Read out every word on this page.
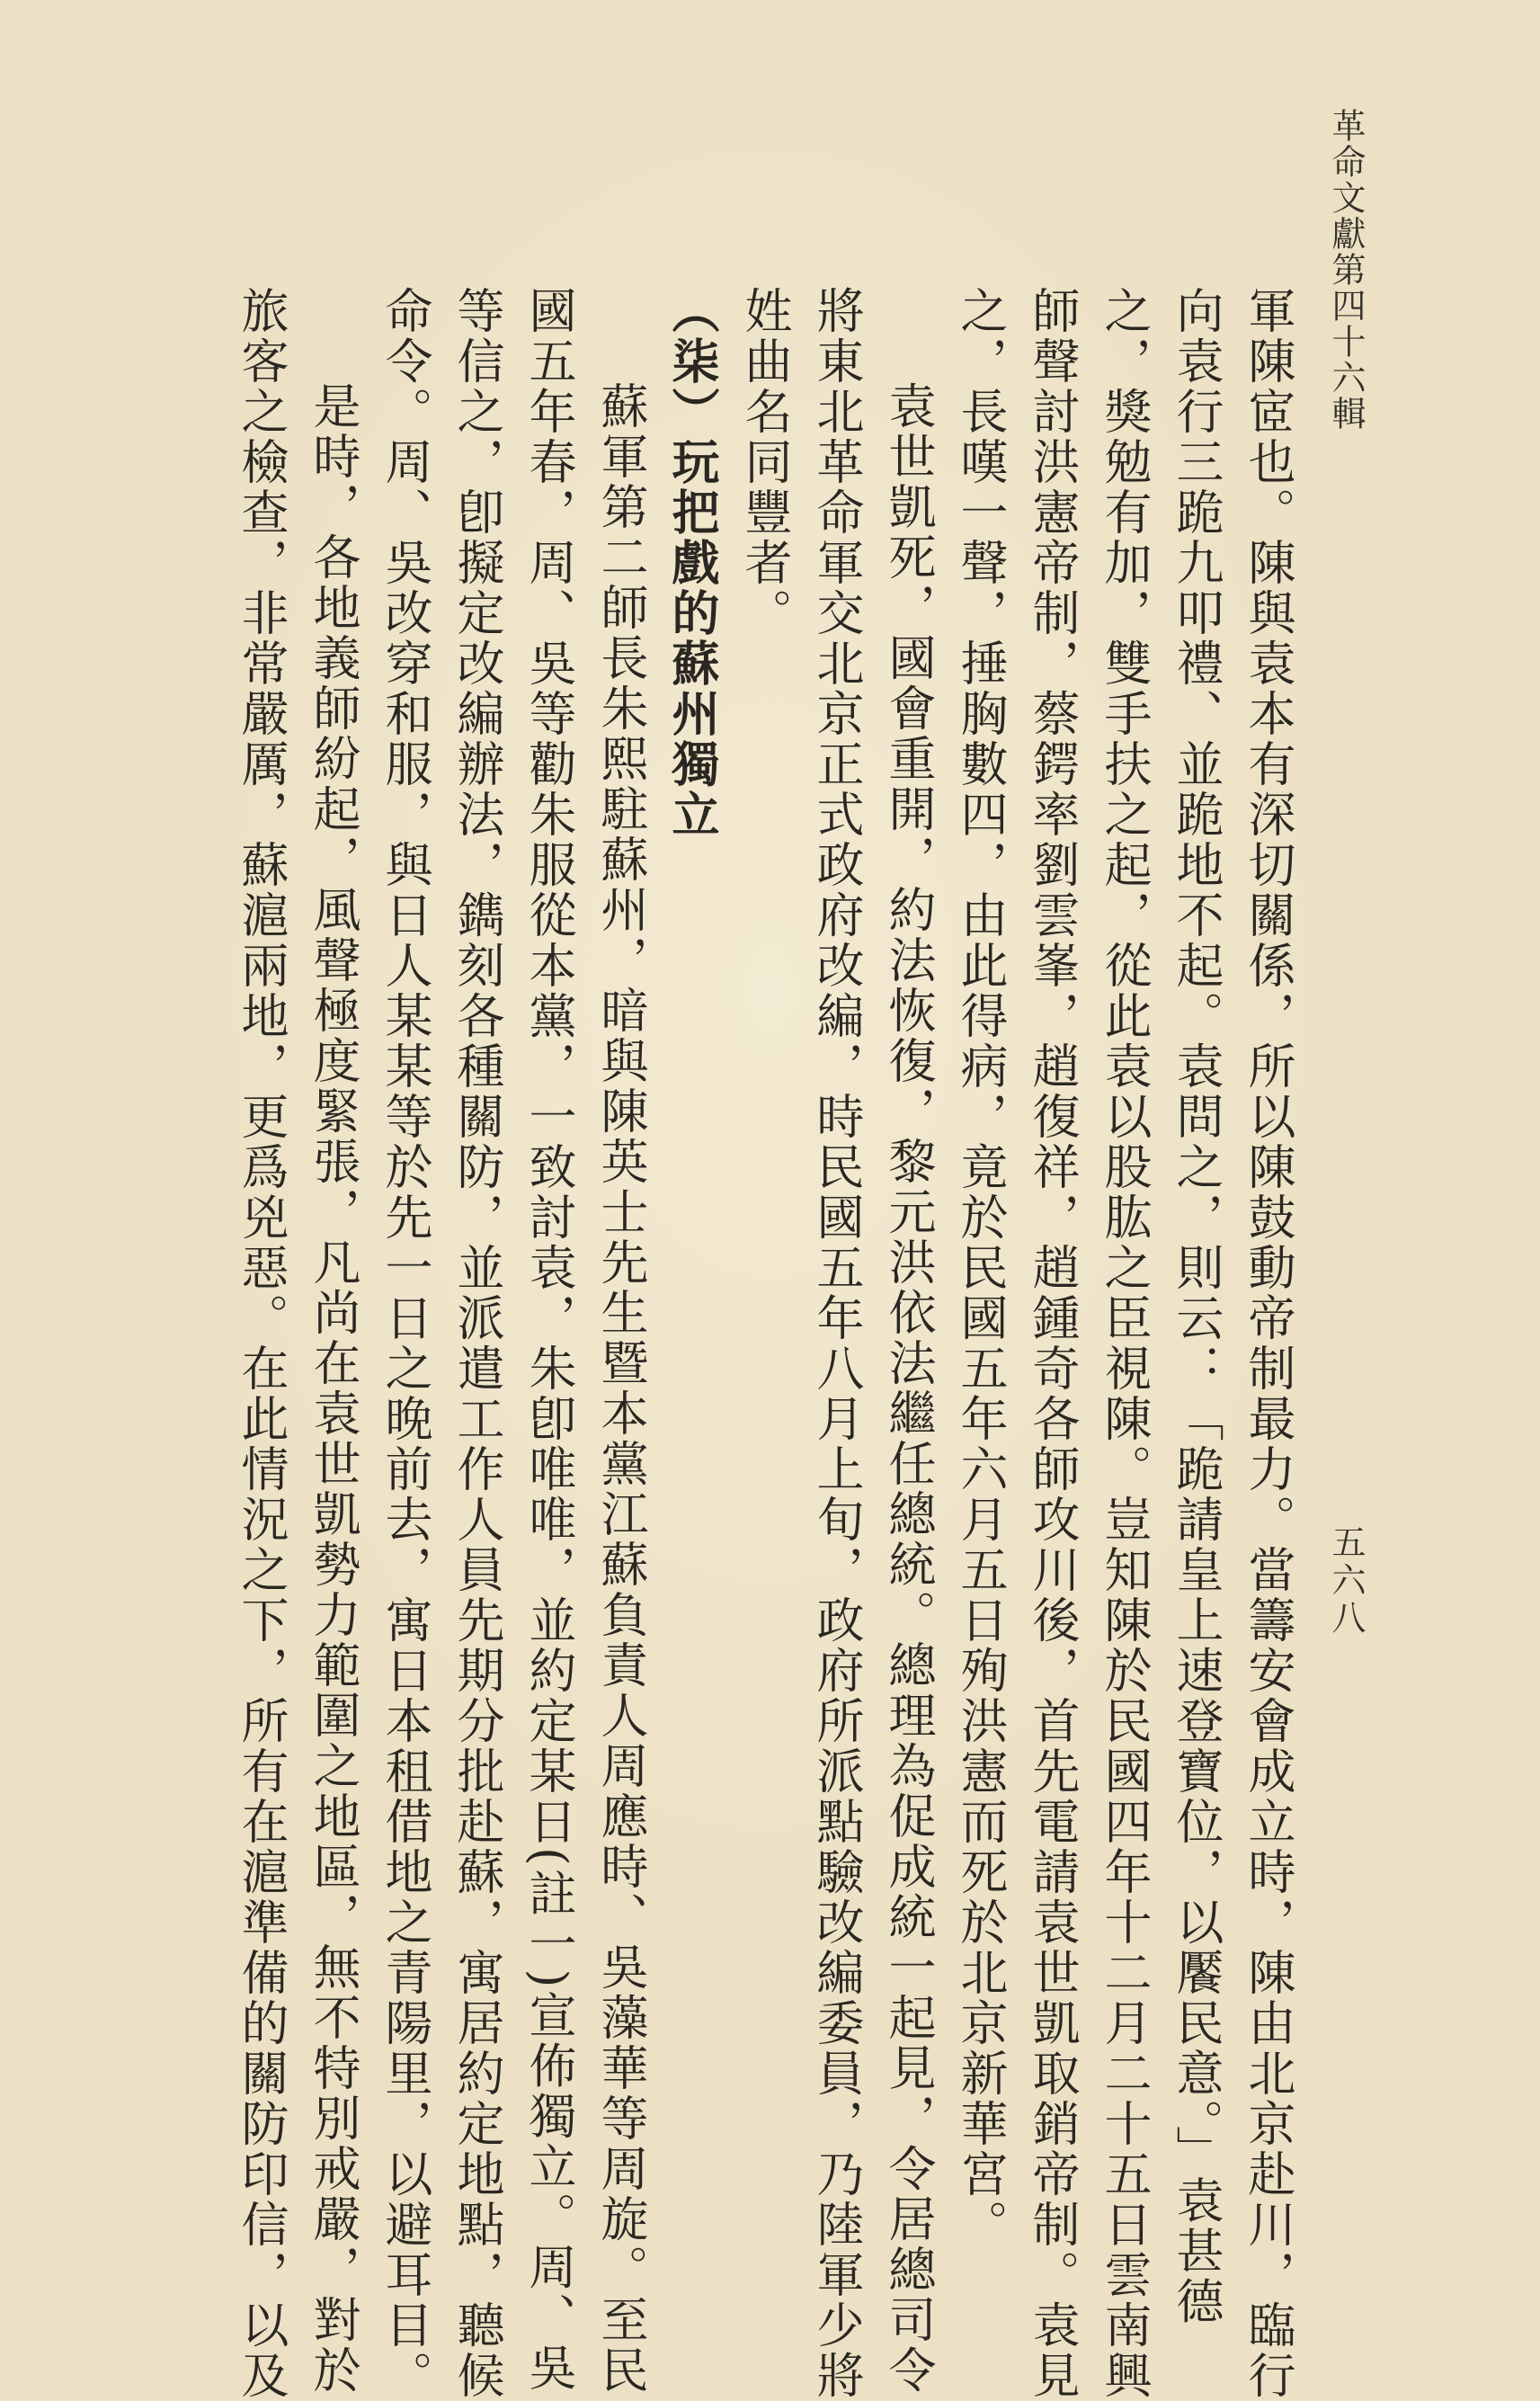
革命文獻第四十六輯
五六八
軍陳宧也。陳與袁本有深切關係，所以陳鼓動帝制最力。當籌安會成立時，陳由北京赴川，臨行
向袁行三跪九叩禮、並跪地不起。袁問之，則云：「跪請皇上速登寶位，以饜民意。」袁甚德
之，獎勉有加，雙手扶之起，從此袁以股肱之臣視陳。豈知陳於民國四年十二月二十五日雲南興
師聲討洪憲帝制，蔡鍔率劉雲峯，趙復祥，趙鍾奇各師攻川後，首先電請袁世凱取銷帝制。袁見
之，長嘆一聲，捶胸數四，由此得病，竟於民國五年六月五日殉洪憲而死於北京新華宮。
袁世凱死，國會重開，約法恢復，黎元洪依法繼任總統。總理為促成統一起見，令居總司令
將東北革命軍交北京正式政府改編，時民國五年八月上旬，政府所派點驗改編委員，乃陸軍少將
姓曲名同豐者。
（柒）玩把戲的蘇州獨立
蘇軍第二師長朱熙駐蘇州，暗與陳英士先生暨本黨江蘇負責人周應時、吳藻華等周旋。至民
國五年春，周、吳等勸朱服從本黨，一致討袁，朱卽唯唯，並約定某日(註一)宣佈獨立。周、吳
等信之，卽擬定改編辦法，鐫刻各種關防，並派遣工作人員先期分批赴蘇，寓居約定地點，聽候
命令。周、吳改穿和服，與日人某某等於先一日之晚前去，寓日本租借地之青陽里，以避耳目。
是時，各地義師紛起，風聲極度緊張，凡尚在袁世凱勢力範圍之地區，無不特別戒嚴，對於
旅客之檢查，非常嚴厲，蘇滬兩地，更爲兇惡。在此情況之下，所有在滬準備的關防印信，以及
